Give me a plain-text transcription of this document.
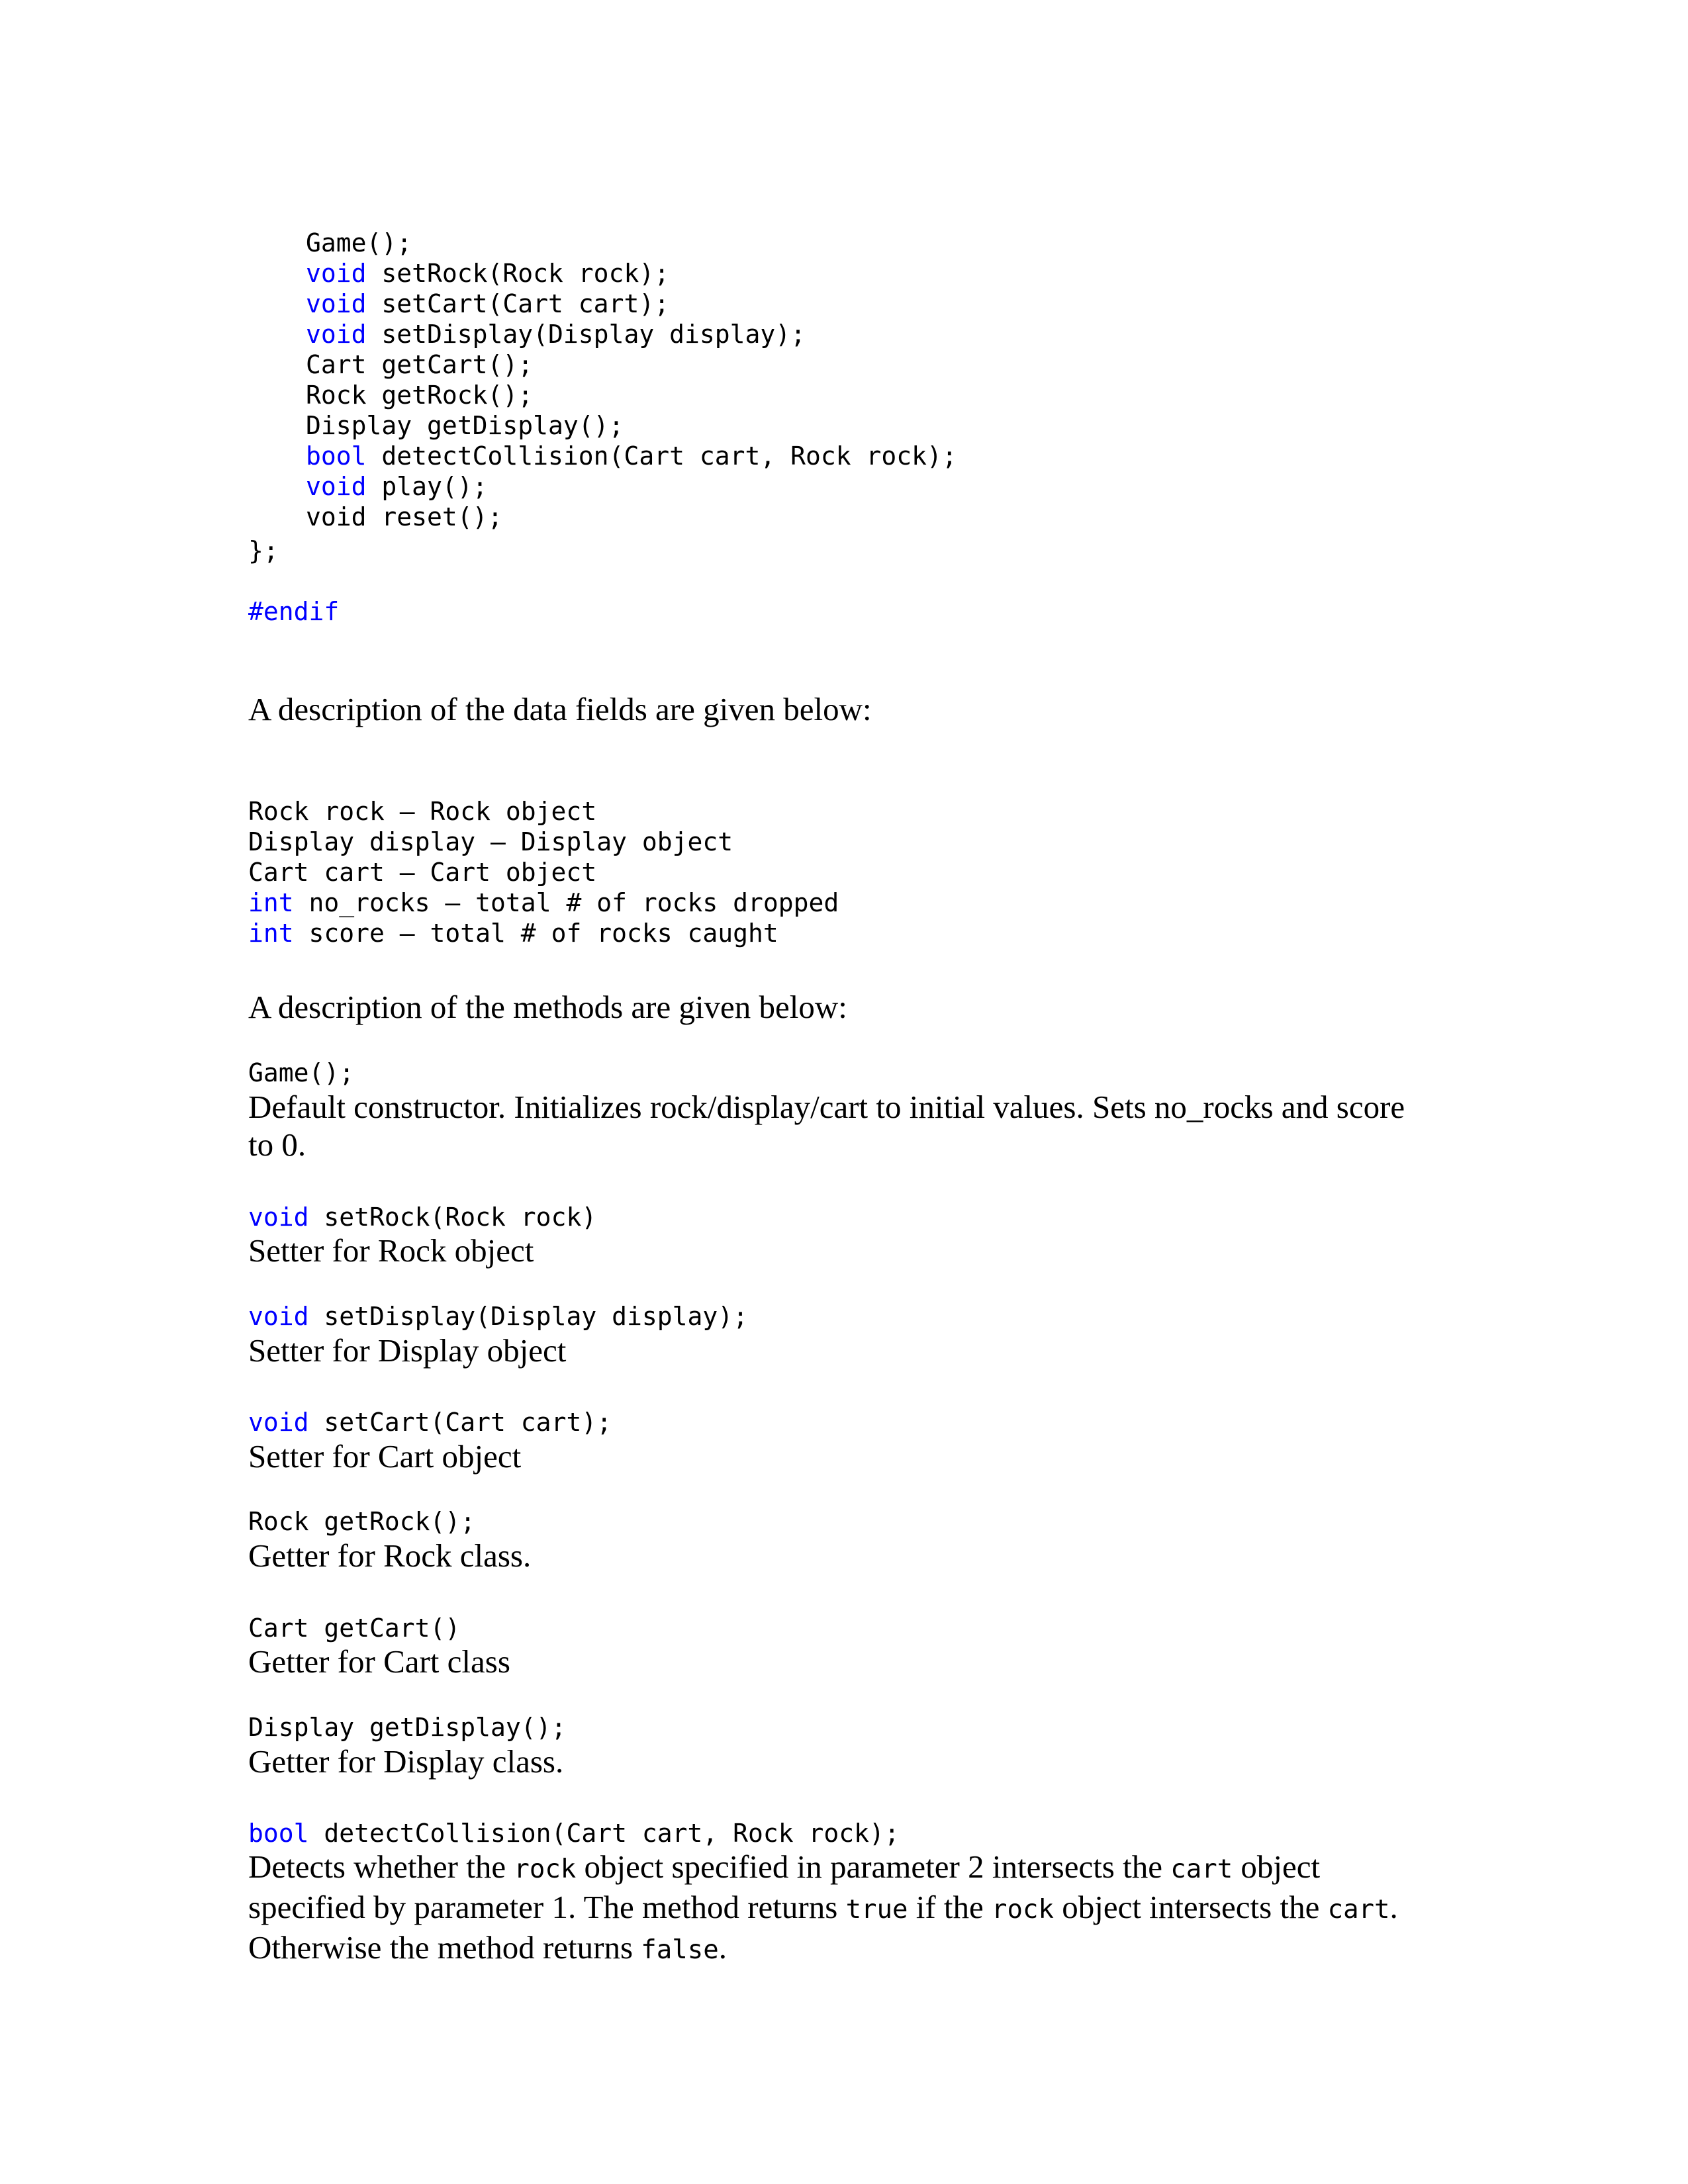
Game();
void setRock(Rock rock);
void setCart(Cart cart);
void setDisplay(Display display);
Cart getCart();
Rock getRock();
Display getDisplay();
bool detectCollision(Cart cart, Rock rock);
void play();
void reset();
};
#endif
A description of the data fields are given below:

Rock rock – Rock object
Display display – Display object
Cart cart – Cart object
int no_rocks – total # of rocks dropped
int score – total # of rocks caught
A description of the methods are given below:
Game();
Default constructor. Initializes rock/display/cart to initial values. Sets no_rocks and score
to 0.
void setRock(Rock rock)
Setter for Rock object
void setDisplay(Display display);
Setter for Display object
void setCart(Cart cart);
Setter for Cart object
Rock getRock();
Getter for Rock class.
Cart getCart()
Getter for Cart class
Display getDisplay();
Getter for Display class.
bool detectCollision(Cart cart, Rock rock);
Detects whether the rock object specified in parameter 2 intersects the cart object
specified by parameter 1. The method returns true if the rock object intersects the cart.
Otherwise the method returns false.
